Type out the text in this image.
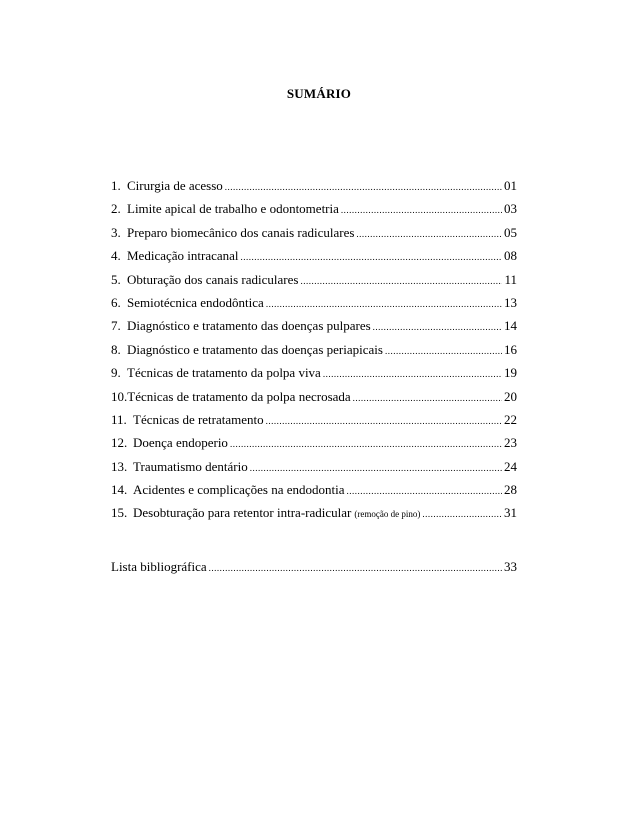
SUMÁRIO
1. Cirurgia de acesso .....	01
2. Limite apical de trabalho e odontometria .....	03
3. Preparo biomecânico dos canais radiculares .....	05
4. Medicação intracanal .....	08
5. Obturação dos canais radiculares .....	11
6. Semiotécnica endodôntica .....	13
7. Diagnóstico e tratamento das doenças pulpares .....	14
8. Diagnóstico e tratamento das doenças periapicais .....	16
9. Técnicas de tratamento da polpa viva .....	19
10. Técnicas de tratamento da polpa necrosada .....	20
11. Técnicas de retratamento .....	22
12. Doença endoperio .....	23
13. Traumatismo dentário .....	24
14. Acidentes e complicações na endodontia .....	28
15. Desobturação para retentor intra-radicular (remoção de pino) .....	31
Lista bibliográfica .....	33
